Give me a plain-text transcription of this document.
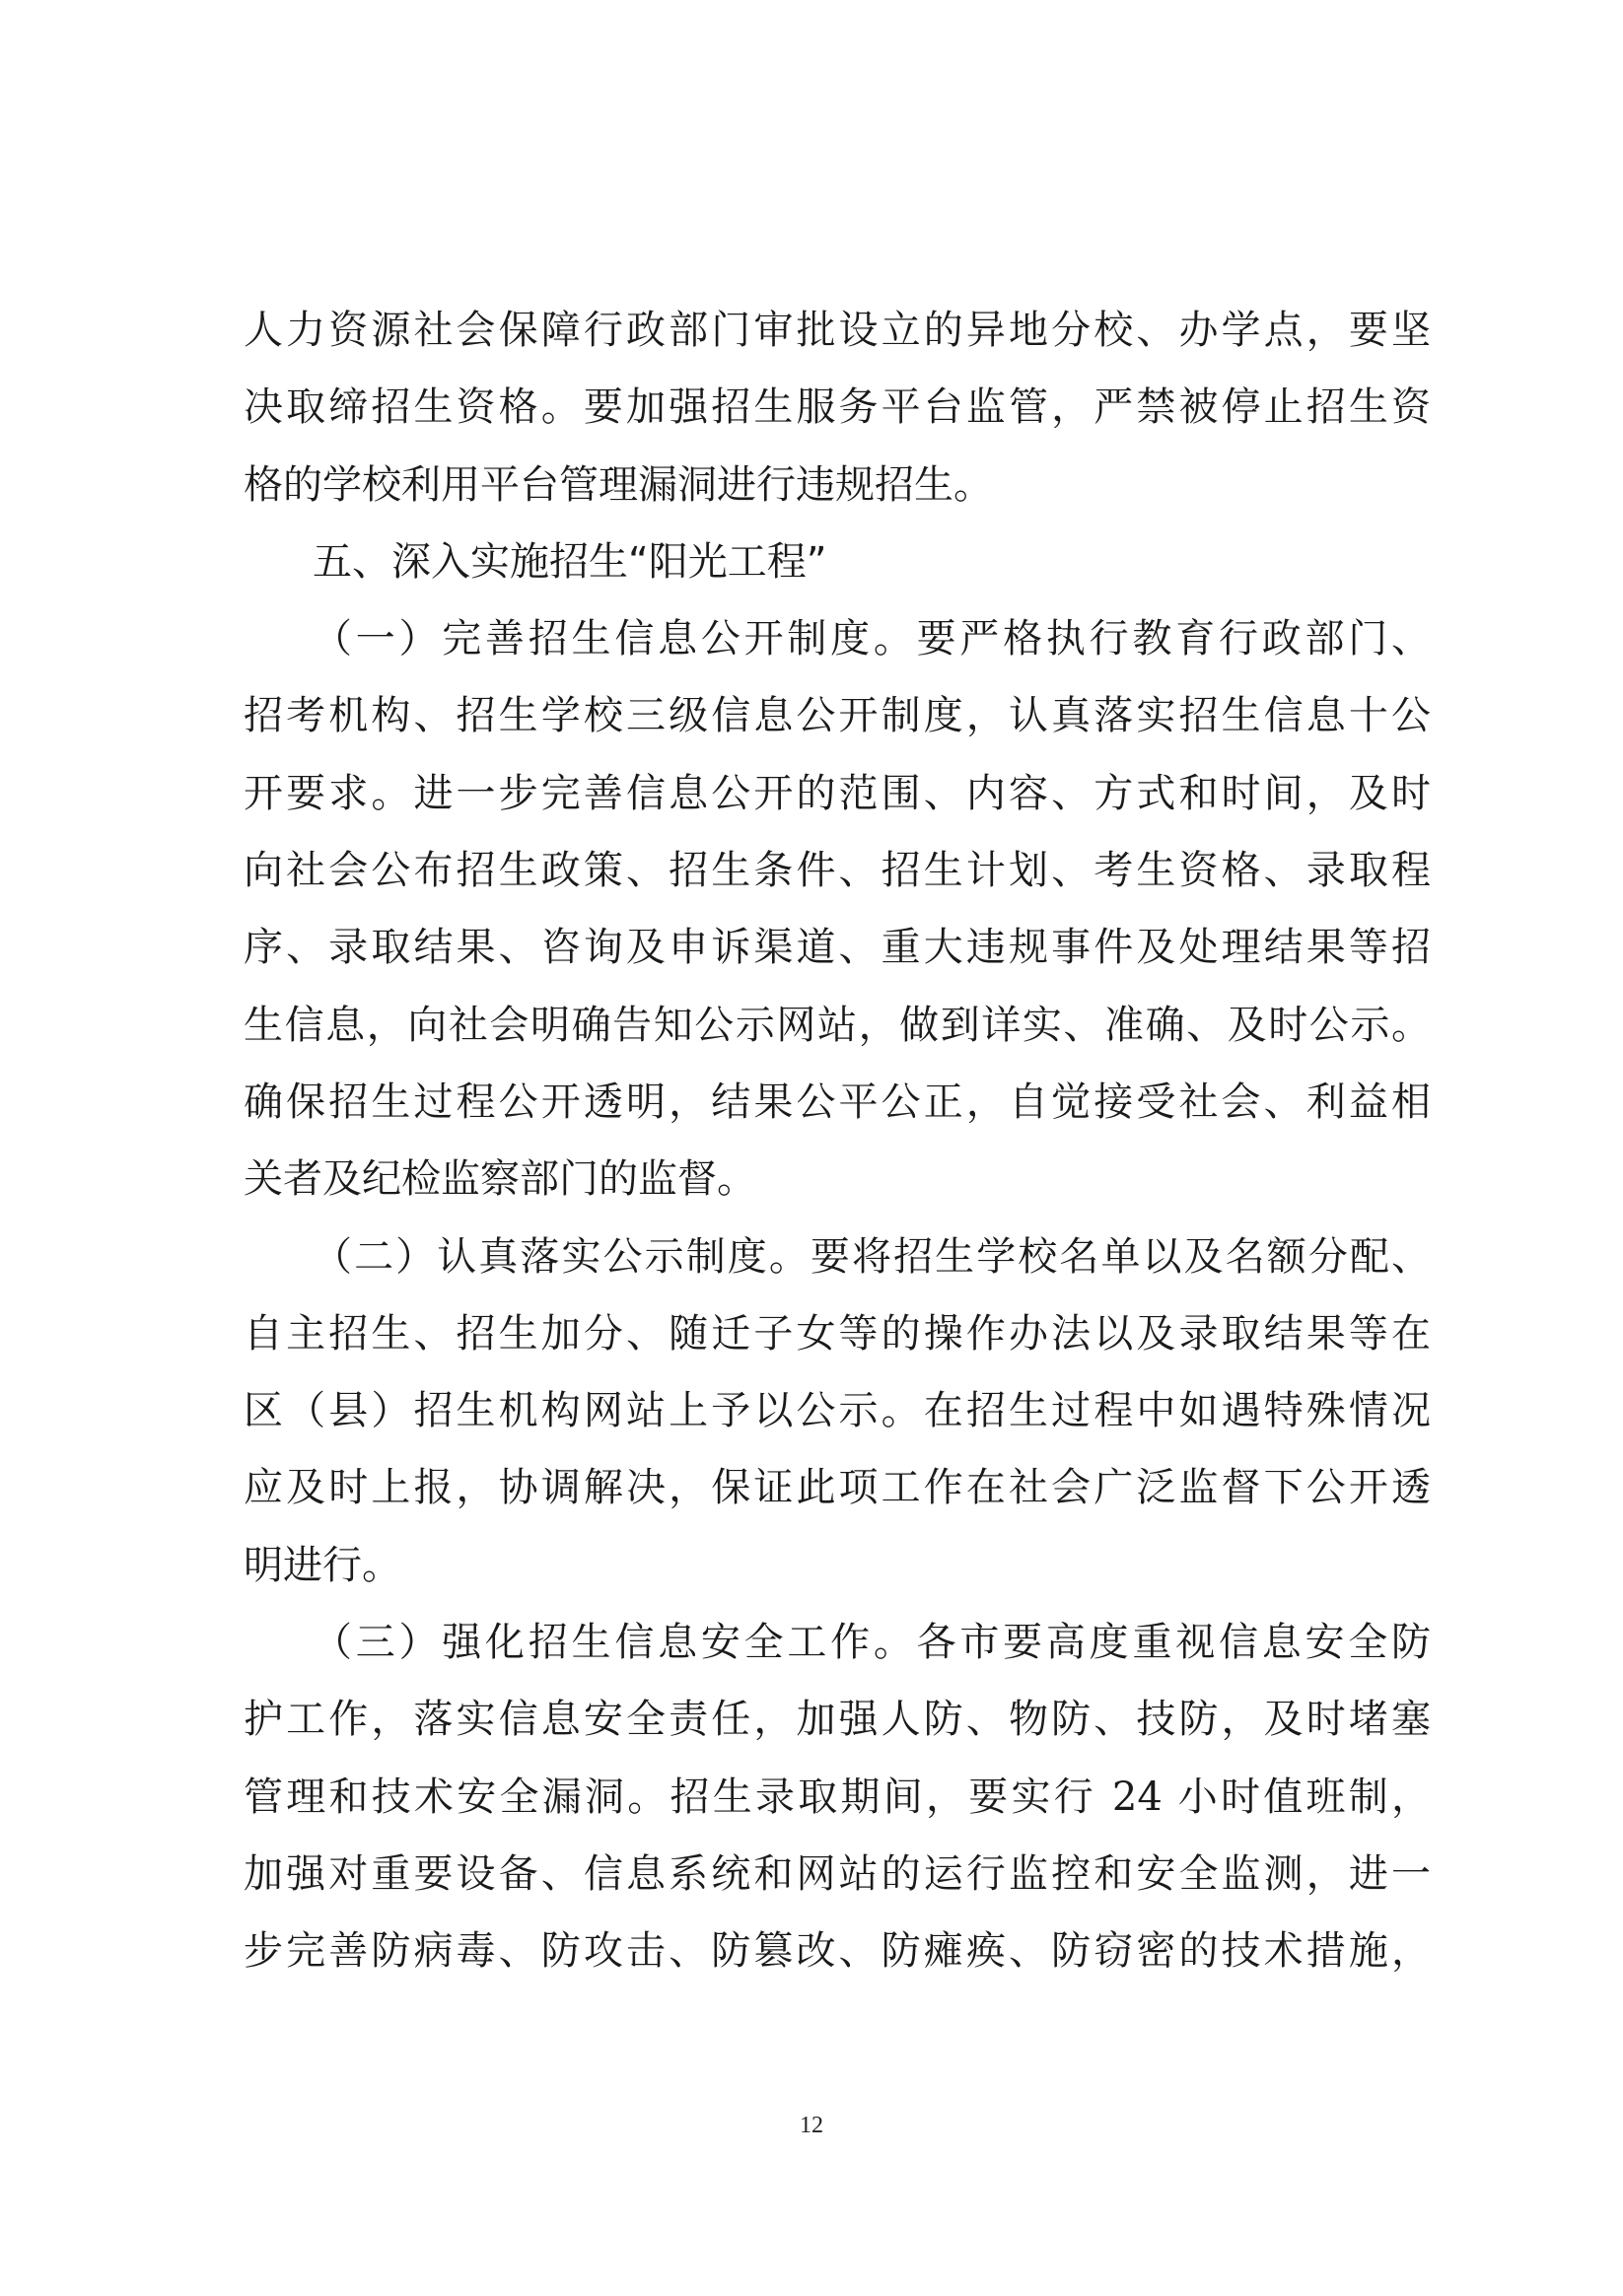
人力资源社会保障行政部门审批设立的异地分校、办学点，要坚
决取缔招生资格。要加强招生服务平台监管，严禁被停止招生资
格的学校利用平台管理漏洞进行违规招生。
五、深入实施招生“阳光工程”
（一）完善招生信息公开制度。要严格执行教育行政部门、
招考机构、招生学校三级信息公开制度，认真落实招生信息十公
开要求。进一步完善信息公开的范围、内容、方式和时间，及时
向社会公布招生政策、招生条件、招生计划、考生资格、录取程
序、录取结果、咨询及申诉渠道、重大违规事件及处理结果等招
生信息，向社会明确告知公示网站，做到详实、准确、及时公示。
确保招生过程公开透明，结果公平公正，自觉接受社会、利益相
关者及纪检监察部门的监督。
（二）认真落实公示制度。要将招生学校名单以及名额分配、
自主招生、招生加分、随迁子女等的操作办法以及录取结果等在
区（县）招生机构网站上予以公示。在招生过程中如遇特殊情况
应及时上报，协调解决，保证此项工作在社会广泛监督下公开透
明进行。
（三）强化招生信息安全工作。各市要高度重视信息安全防
护工作，落实信息安全责任，加强人防、物防、技防，及时堵塞
管理和技术安全漏洞。招生录取期间，要实行 24 小时值班制，
加强对重要设备、信息系统和网站的运行监控和安全监测，进一
步完善防病毒、防攻击、防篡改、防瘫痪、防窃密的技术措施，
12
